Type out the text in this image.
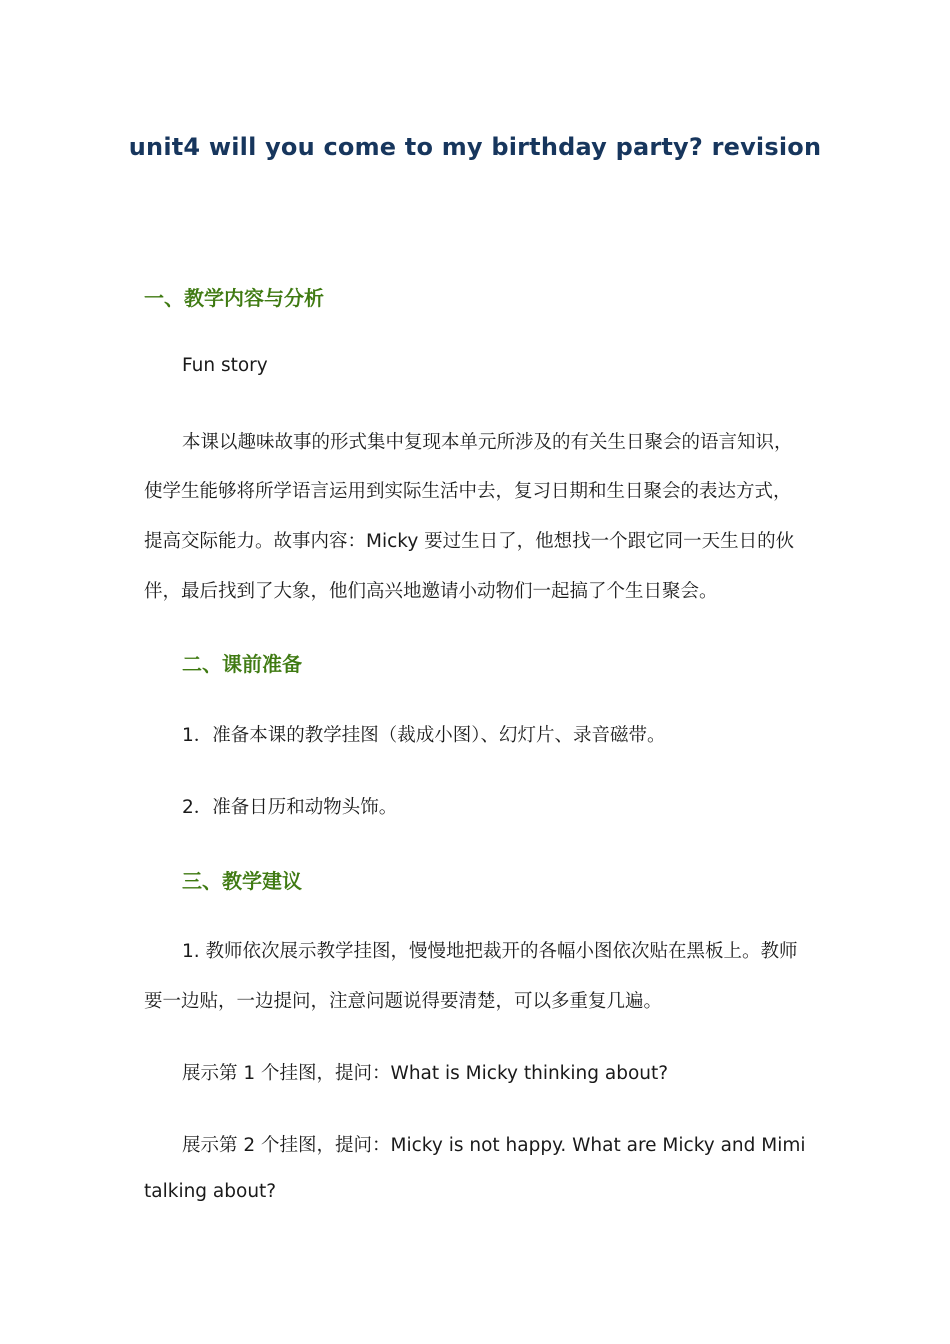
unit4 will you come to my birthday party? revision
一、教学内容与分析
Fun story
本课以趣味故事的形式集中复现本单元所涉及的有关生日聚会的语言知识，
使学生能够将所学语言运用到实际生活中去，复习日期和生日聚会的表达方式，
提高交际能力。故事内容：Micky 要过生日了，他想找一个跟它同一天生日的伙
伴，最后找到了大象，他们高兴地邀请小动物们一起搞了个生日聚会。
二、课前准备
1．准备本课的教学挂图（裁成小图）、幻灯片、录音磁带。
2．准备日历和动物头饰。
三、教学建议
1. 教师依次展示教学挂图，慢慢地把裁开的各幅小图依次贴在黑板上。教师
要一边贴，一边提问，注意问题说得要清楚，可以多重复几遍。
展示第 1 个挂图，提问：What is Micky thinking about?
展示第 2 个挂图，提问：Micky is not happy. What are Micky and Mimi
talking about?
